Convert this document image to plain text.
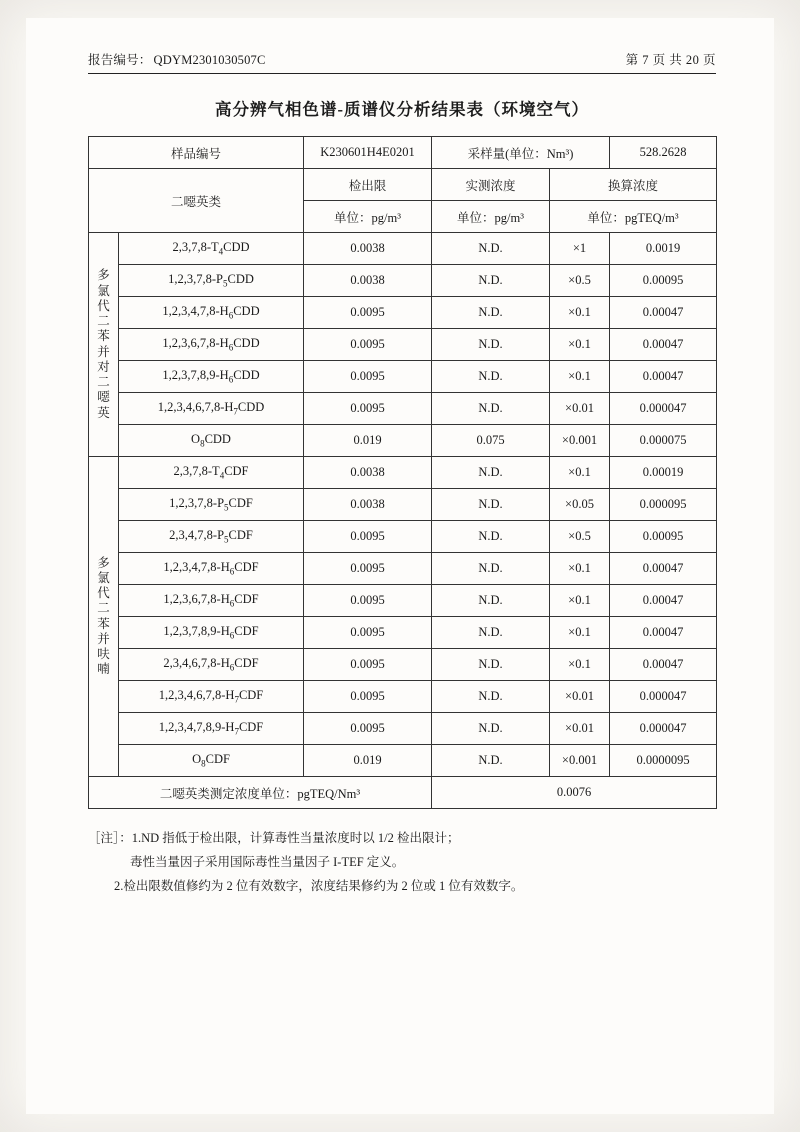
报告编号： QDYM2301030507C	第 7 页 共 20 页
高分辨气相色谱-质谱仪分析结果表（环境空气）
样品编号		K230601H4E0201	采样量(单位：Nm³)		528.2628
二噁英类		检出限	实测浓度	换算浓度	
		单位：pg/m³	单位：pg/m³	单位：pgTEQ/m³	

多
氯
代
二
苯
并
对
二
噁
英
	$2,3,7,8-T_4CDD$	0.0038	N.D.	×1	0.0019
	$1,2,3,7,8-P_5CDD$	0.0038	N.D.	×0.5	0.00095
	$1,2,3,4,7,8-H_6CDD$	0.0095	N.D.	×0.1	0.00047
	$1,2,3,6,7,8-H_6CDD$	0.0095	N.D.	×0.1	0.00047
	$1,2,3,7,8,9-H_6CDD$	0.0095	N.D.	×0.1	0.00047
	$1,2,3,4,6,7,8-H_7CDD$	0.0095	N.D.	×0.01	0.000047
	$O_8CDD$	0.019	0.075	×0.001	0.000075

多
氯
代
二
苯
并
呋
喃
	$2,3,7,8-T_4CDF$	0.0038	N.D.	×0.1	0.00019
	$1,2,3,7,8-P_5CDF$	0.0038	N.D.	×0.05	0.000095
	$2,3,4,7,8-P_5CDF$	0.0095	N.D.	×0.5	0.00095
	$1,2,3,4,7,8-H_6CDF$	0.0095	N.D.	×0.1	0.00047
	$1,2,3,6,7,8-H_6CDF$	0.0095	N.D.	×0.1	0.00047
	$1,2,3,7,8,9-H_6CDF$	0.0095	N.D.	×0.1	0.00047
	$2,3,4,6,7,8-H_6CDF$	0.0095	N.D.	×0.1	0.00047
	$1,2,3,4,6,7,8-H_7CDF$	0.0095	N.D.	×0.01	0.000047
	$1,2,3,4,7,8,9-H_7CDF$	0.0095	N.D.	×0.01	0.000047
	$O_8CDF$	0.019	N.D.	×0.001	0.0000095
二噁英类测定浓度单位：pgTEQ/Nm³			0.0076		
［注］：1.ND 指低于检出限，计算毒性当量浓度时以 1/2 检出限计；
毒性当量因子采用国际毒性当量因子 I-TEF 定义。
2.检出限数值修约为 2 位有效数字，浓度结果修约为 2 位或 1 位有效数字。
